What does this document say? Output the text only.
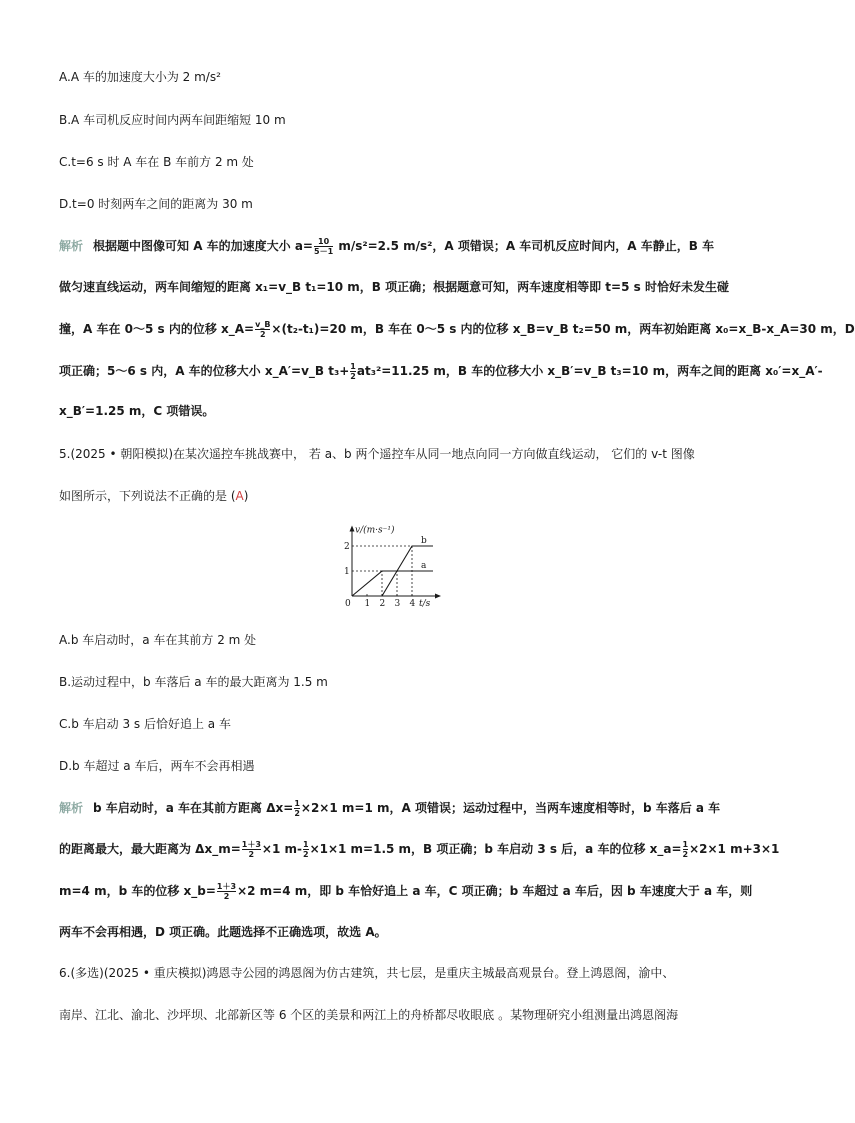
A.A 车的加速度大小为 2 m/s²
B.A 车司机反应时间内两车间距缩短 10 m
C.t=6 s 时 A 车在 B 车前方 2 m 处
D.t=0 时刻两车之间的距离为 30 m
解析 根据题中图像可知 A 车的加速度大小 $a= \frac{10}{5-1} m/s^2=2.5$ m/s²，A 项错误；A 车司机反应时间内，A 车静止，B 车
做匀速直线运动，两车间缩短的距离 x₁=v_B t₁=10 m，B 项正确；根据题意可知，两车速度相等即 t=5 s 时恰好未发生碰
撞，A 车在 0～5 s 内的位移 x_A= $\frac{v\_B}{2} \times(t_2-t_1)=20$ m，B 车在 0～5 s 内的位移 x_B=v_B t₂=50 m，两车初始距离 x₀=x_B-x_A=30 m，D
项正确；5～6 s 内，A 车的位移大小 x_A′=v_B $t_3+ \frac{1}{2} at_3^2=11.25$ m，B 车的位移大小 x_B′=v_B t₃=10 m，两车之间的距离 x₀′=x_A′-
x_B′=1.25 m，C 项错误。
5.(2025 • 朝阳模拟)在某次遥控车挑战赛中， 若 a、b 两个遥控车从同一地点向同一方向做直线运动， 它们的 v-t 图像
如图所示，下列说法不正确的是 (A)
a
b
0 1 2 3 4
1
2
t/s
v/(m·s⁻¹)
A.b 车启动时，a 车在其前方 2 m 处
B.运动过程中，b 车落后 a 车的最大距离为 1.5 m
C.b 车启动 3 s 后恰好追上 a 车
D.b 车超过 a 车后，两车不会再相遇
解析 b 车启动时，a 车在其前方距离 $\Delta x= \frac{1}{2} \times 2\times 1$ m=1 m，A 项错误；运动过程中，当两车速度相等时，b 车落后 a 车
的距离最大，最大距离为 Δx_m= $\frac{1+3}{2} \times 1$ $m- \frac{1}{2} \times 1\times 1$ m=1.5 m，B 项正确；b 车启动 3 s 后，a 车的位移 x_a= $\frac{1}{2} \times 2\times 1$ m+3×1
m=4 m，b 车的位移 x_b= $\frac{1+3}{2} \times 2$ m=4 m，即 b 车恰好追上 a 车，C 项正确；b 车超过 a 车后，因 b 车速度大于 a 车，则
两车不会再相遇，D 项正确。此题选择不正确选项，故选 A。
6.(多选)(2025 • 重庆模拟)鸿恩寺公园的鸿恩阁为仿古建筑，共七层，是重庆主城最高观景台。登上鸿恩阁，渝中、
南岸、江北、渝北、沙坪坝、北部新区等 6 个区的美景和两江上的舟桥都尽收眼底 。某物理研究小组测量出鸿恩阁海
